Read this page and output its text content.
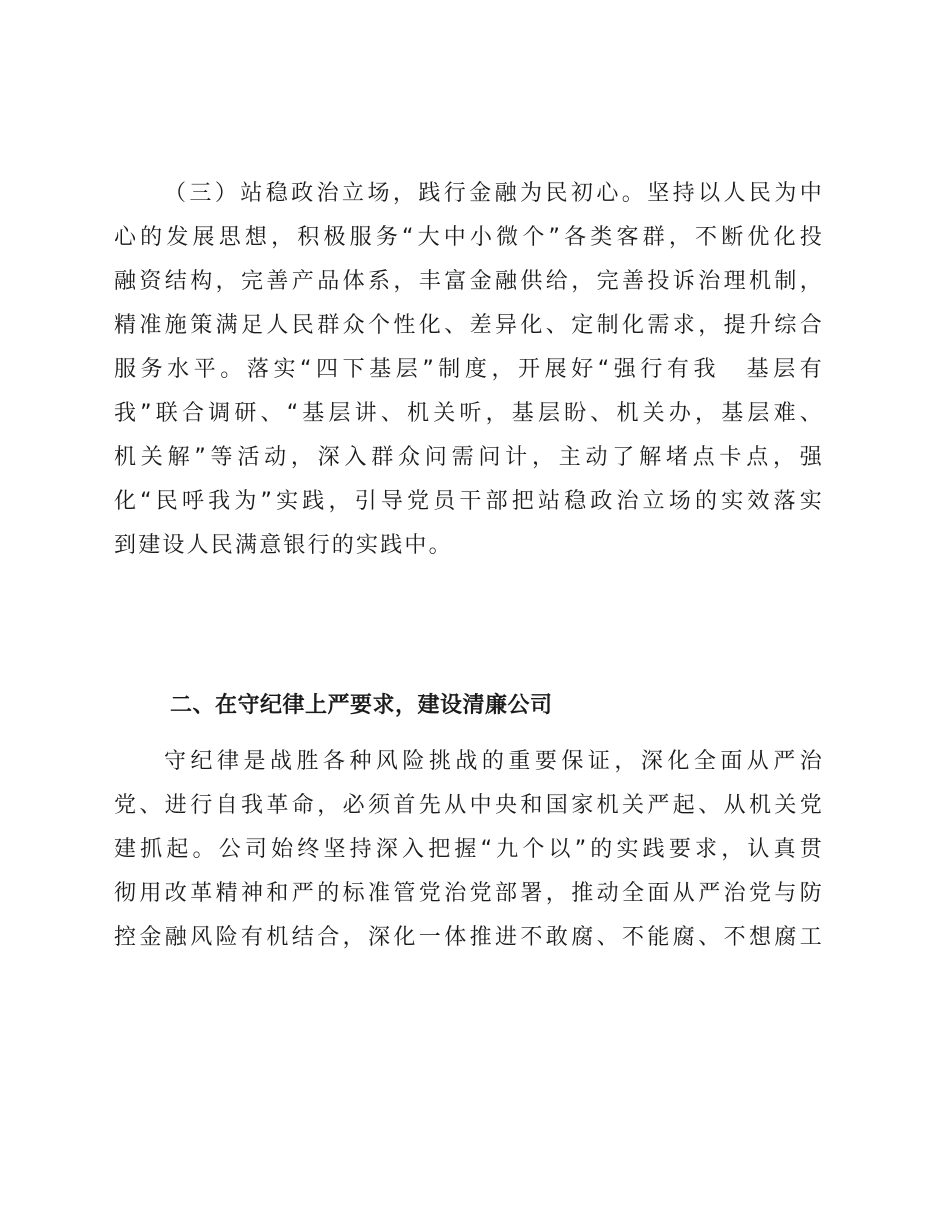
（三）站稳政治立场，践行金融为民初心。坚持以人民为中
心的发展思想，积极服务“大中小微个”各类客群，不断优化投
融资结构，完善产品体系，丰富金融供给，完善投诉治理机制，
精准施策满足人民群众个性化、差异化、定制化需求，提升综合
服务水平。落实“四下基层”制度，开展好“强行有我　基层有
我”联合调研、“基层讲、机关听，基层盼、机关办，基层难、
机关解”等活动，深入群众问需问计，主动了解堵点卡点，强
化“民呼我为”实践，引导党员干部把站稳政治立场的实效落实
到建设人民满意银行的实践中。
二、在守纪律上严要求，建设清廉公司
守纪律是战胜各种风险挑战的重要保证，深化全面从严治
党、进行自我革命，必须首先从中央和国家机关严起、从机关党
建抓起。公司始终坚持深入把握“九个以”的实践要求，认真贯
彻用改革精神和严的标准管党治党部署，推动全面从严治党与防
控金融风险有机结合，深化一体推进不敢腐、不能腐、不想腐工
